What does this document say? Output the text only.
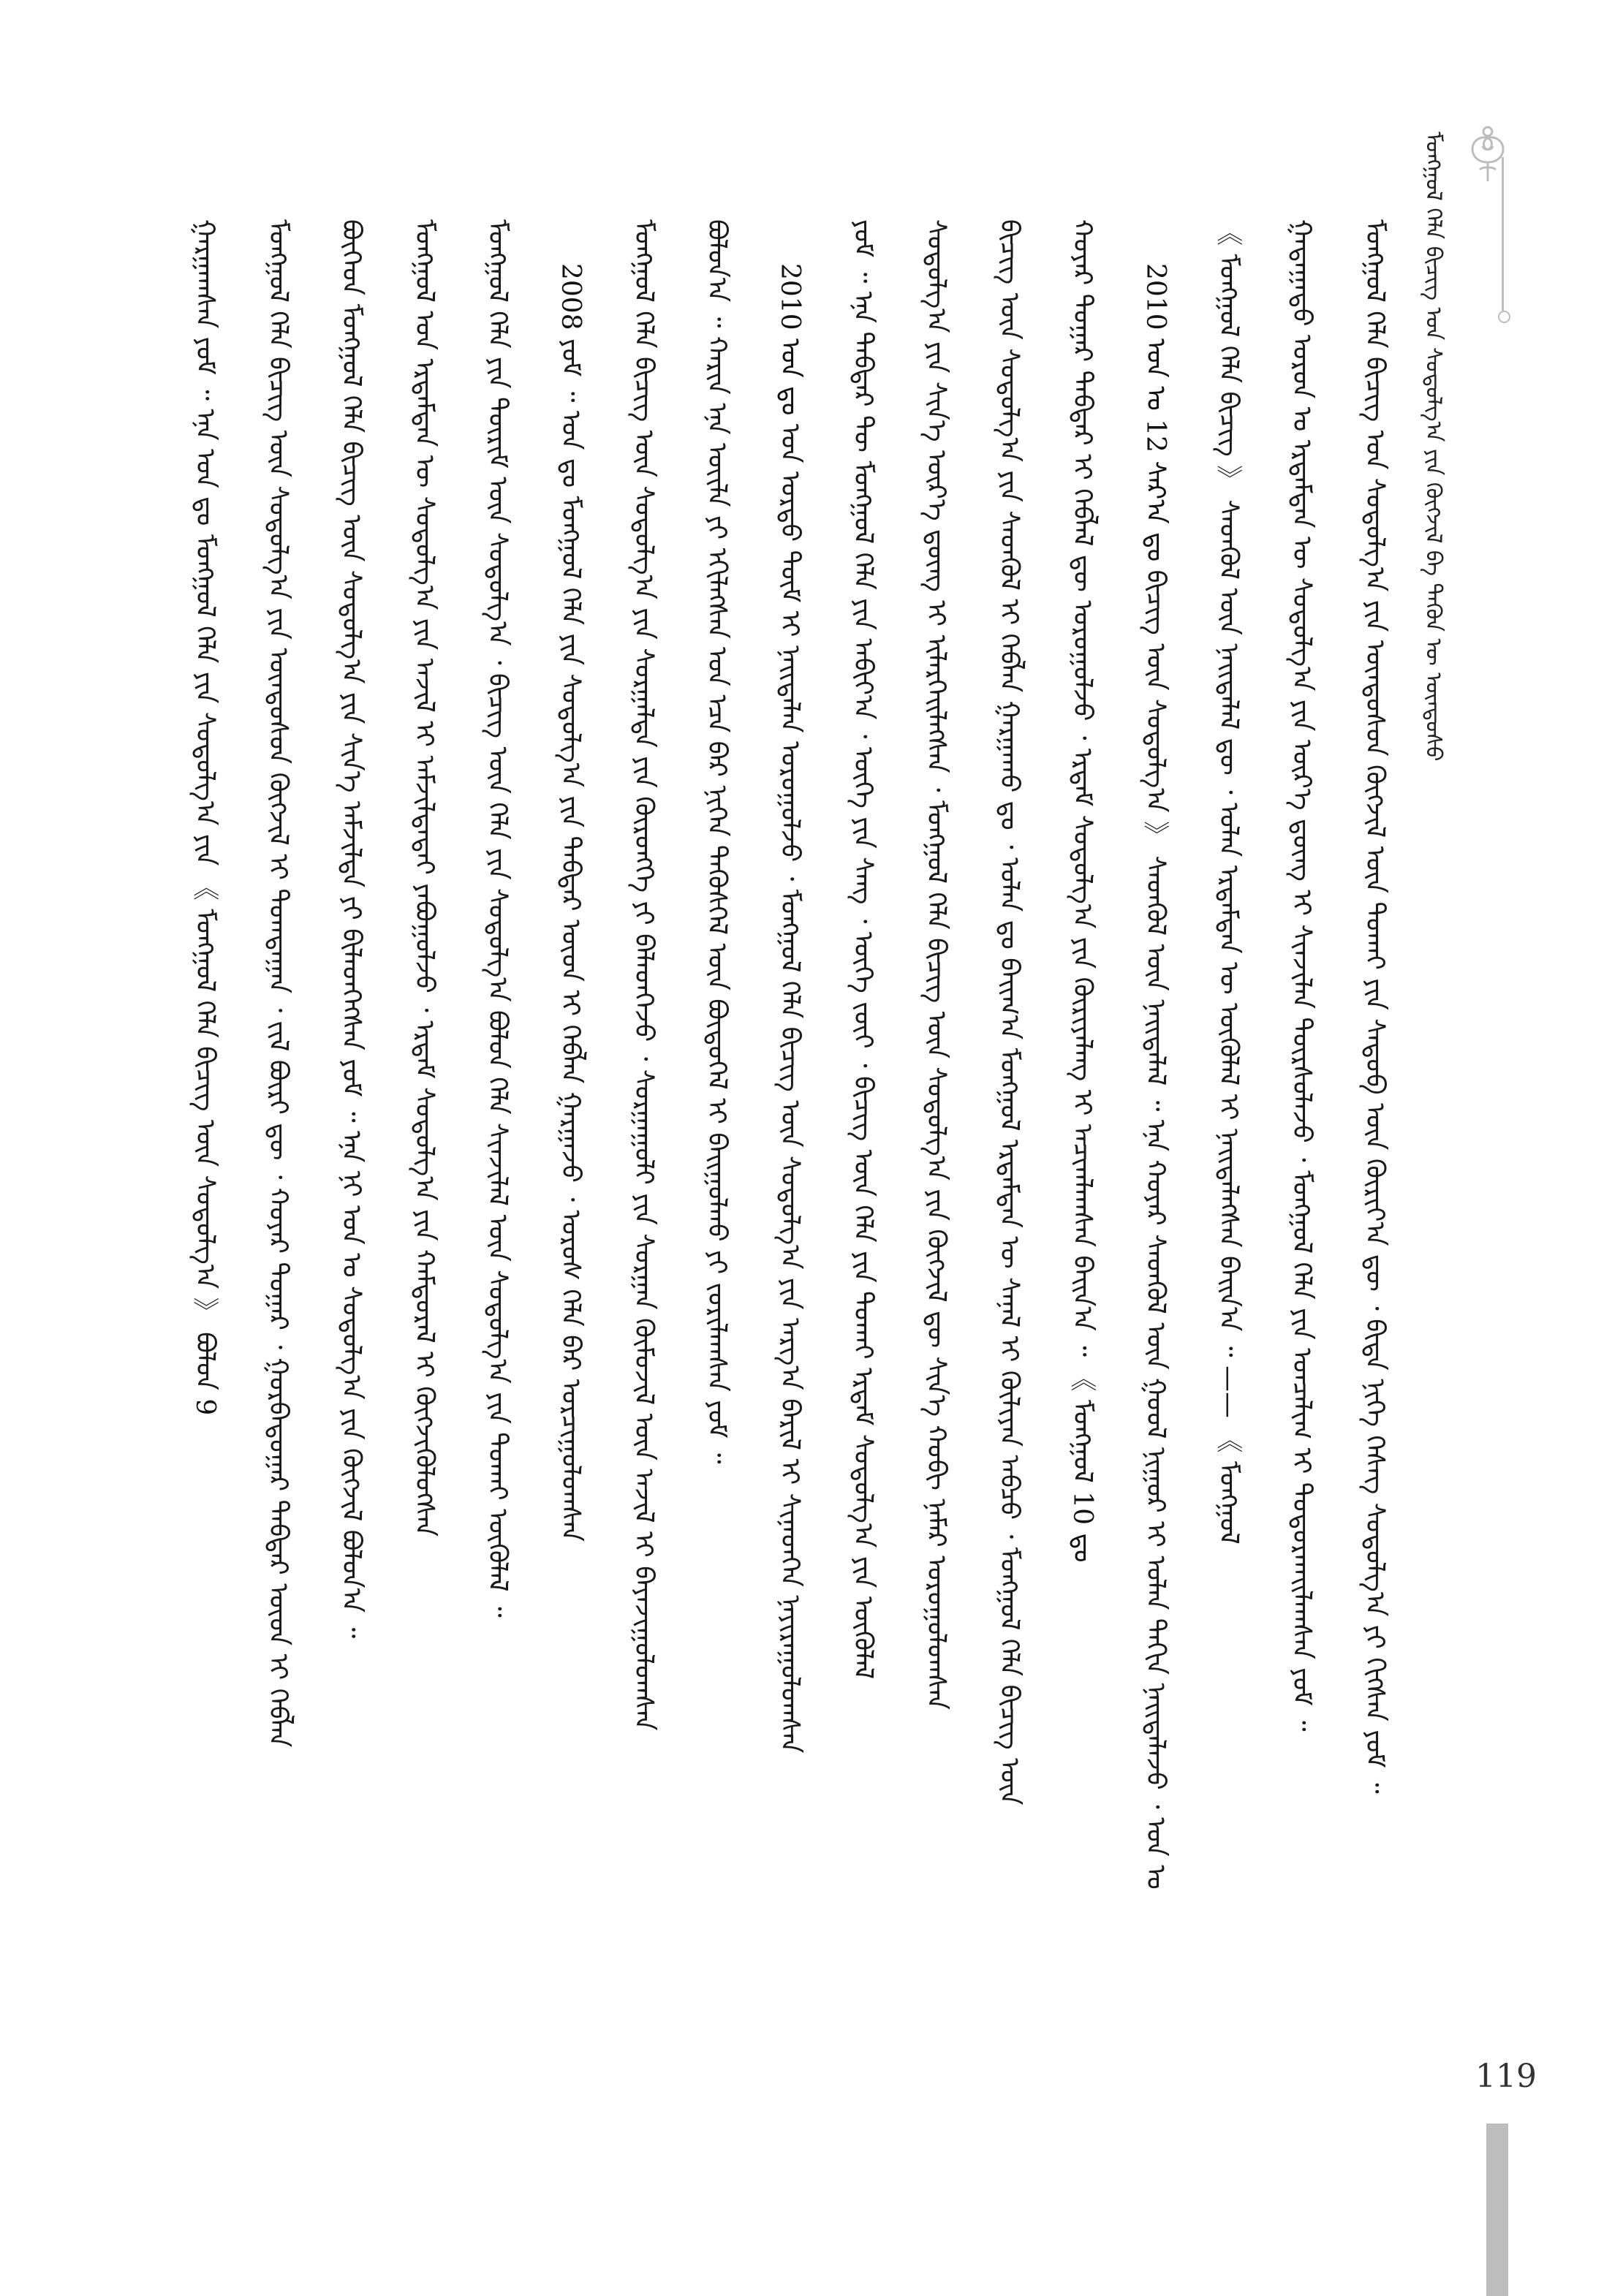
ᠮᠣᠩᠭᠣᠯ ᠬᠡᠯᠡ ᠪᠢᠴᠢᠭ ᠤᠨ ᠰᠤᠳᠤᠯᠭ᠎ᠠ ᠶᠢᠨ ᠬᠥᠭᠵᠢᠯ ᠪᠠ ᠲᠡᠭᠦᠨ ᠦ ᠦᠨᠳᠦᠰᠦ
ᠮᠣᠩᠭᠣᠯ ᠬᠡᠯᠡ ᠪᠢᠴᠢᠭ ᠤᠨ ᠰᠤᠳᠤᠯᠭ᠎ᠠ ᠶᠢᠨ ᠦᠨᠳᠦᠰᠦᠨ ᠬᠥᠭᠵᠢᠯ ᠦᠨ ᠲᠤᠬᠠᠢ ᠶᠢᠨ ᠰᠡᠳᠦᠪ ᠦᠨ ᠬᠦᠷᠢᠶ᠎ᠡᠨ ᠳᠦ ᠂ ᠪᠢᠳᠡ ᠨᠢᠭᠡ ᠬᠡᠰᠡᠭ ᠰᠤᠳᠤᠯᠭ᠎ᠠ ᠶᠢ ᠬᠢᠭᠰᠡᠨ ᠶᠤᠮ ᠃
ᠭᠠᠳᠠᠭᠠᠳᠤ ᠣᠷᠣᠨ ᠤ ᠡᠷᠳᠡᠮᠲᠡᠨ ᠦ ᠰᠤᠳᠤᠯᠭ᠎ᠠ ᠶᠢᠨ ᠦᠷ᠎ᠡ ᠳ᠋ᠦᠩ ᠢ ᠰᠢᠨᠵᠢᠯᠡᠨ ᠳᠦᠷᠰᠦᠯᠡᠵᠦ ᠂ ᠮᠣᠩᠭᠣᠯ ᠬᠡᠯᠡ ᠶᠢᠨ ᠣᠨᠴᠠᠯᠢᠭ ᠢ ᠲᠣᠳᠣᠷᠬᠠᠢᠯᠠᠭᠰᠠᠨ ᠶᠤᠮ ᠃
《 ᠮᠣᠩᠭᠣᠯ ᠬᠡᠯᠡ ᠪᠢᠴᠢᠭ 》 ᠰᠡᠳᠬᠦᠯ ᠦᠨ ᠨᠡᠢᠲᠡᠯᠡᠯ ᠳᠦ ᠂ ᠣᠯᠠᠨ ᠡᠷᠳᠡᠮᠲᠡᠨ ᠦ ᠥᠭᠦᠯᠡᠯ ᠢ ᠨᠡᠢᠲᠡᠯᠡᠭᠰᠡᠨ ᠪᠠᠢᠨ᠎ᠠ ᠃ —— 《 ᠮᠣᠩᠭᠣᠯ
2010 ᠣᠨ ᠤ 12 ᠰᠠᠷ᠎ᠠ ᠳᠤ ᠪᠢᠴᠢᠭ ᠦᠨ ᠰᠤᠳᠤᠯᠭ᠎ᠠ 》 ᠰᠡᠳᠬᠦᠯ ᠦᠨ ᠨᠡᠢᠲᠡᠯᠡᠯ ᠃ ᠡᠨᠡ ᠬᠣᠶᠠᠷ ᠰᠡᠳᠬᠦᠯ ᠦᠨ ᠭᠣᠣᠯ ᠨᠢᠭᠤᠷ ᠢ ᠣᠯᠠᠨ ᠳᠠᠬᠢᠨ ᠨᠡᠢᠲᠡᠯᠡᠵᠦ ᠂ ᠣᠨ ᠤ
ᠬᠣᠶᠠᠷ ᠳᠤᠭᠠᠷ ᠳᠡᠪᠲᠡᠷ ᠢ ᠬᠡᠪᠯᠡᠯ ᠳᠦ ᠣᠷᠣᠭᠤᠯᠵᠤ ᠂ ᠡᠷᠳᠡᠮ ᠰᠤᠳᠤᠯᠭ᠎ᠠ ᠶᠢᠨ ᠬᠦᠷᠢᠶᠡᠯᠡᠩ ᠢ ᠠᠴᠢᠭᠯᠠᠭᠰᠠᠨ ᠪᠠᠢᠨ᠎ᠠ ᠃ 《 ᠮᠣᠩᠭᠣᠯ 10 ᠳᠤ
ᠪᠢᠴᠢᠭ ᠦᠨ ᠰᠤᠳᠤᠯᠭ᠎ᠠ ᠶᠢᠨ ᠰᠡᠳᠬᠦᠯ ᠢ ᠬᠡᠪᠯᠡᠨ ᠭᠠᠷᠭᠠᠬᠤ ᠳᠤ ᠂ ᠣᠯᠠᠨ ᠳᠤ ᠪᠠᠢᠭ᠎ᠠ ᠮᠣᠩᠭᠣᠯ ᠡᠷᠳᠡᠮᠲᠡᠨ ᠦ ᠰᠠᠨᠠᠯ ᠢ ᠬᠦᠯᠢᠶᠡᠨ ᠠᠪᠴᠤ ᠂ ᠮᠣᠩᠭᠣᠯ ᠬᠡᠯᠡ ᠪᠢᠴᠢᠭ ᠦᠨ
ᠰᠤᠳᠤᠯᠭ᠎ᠠ ᠶᠢᠨ ᠰᠢᠨ᠎ᠡ ᠦᠷ᠎ᠡ ᠳ᠋ᠦᠩ ᠢ ᠢᠯᠡᠷᠬᠡᠢᠯᠡᠭᠰᠡᠨ ᠂ ᠮᠣᠩᠭᠣᠯ ᠬᠡᠯᠡ ᠪᠢᠴᠢᠭ ᠦᠨ ᠰᠤᠳᠤᠯᠭ᠎ᠠ ᠶᠢᠨ ᠬᠥᠭᠵᠢᠯ ᠳᠦ ᠰᠢᠨ᠎ᠡ ᠬᠤᠪᠢ ᠨᠡᠮᠡᠷ ᠣᠷᠣᠭᠤᠯᠤᠭᠰᠠᠨ
ᠶᠤᠮ ᠃ ᠡᠨᠡ ᠳᠡᠪᠲᠡᠷ ᠲᠦ ᠮᠣᠩᠭᠣᠯ ᠬᠡᠯᠡ ᠶᠢᠨ ᠠᠪᠢᠶ᠎ᠠ ᠂ ᠦᠭᠡ ᠶᠢᠨ ᠰᠠᠩ ᠂ ᠦᠭᠡ ᠵᠦᠢ ᠂ ᠪᠢᠴᠢᠭ ᠦᠨ ᠬᠡᠯᠡ ᠶᠢᠨ ᠲᠤᠬᠠᠢ ᠡᠷᠳᠡᠮ ᠰᠤᠳᠤᠯᠭ᠎ᠠ ᠶᠢᠨ ᠥᠭᠦᠯᠡᠯ
2010 ᠣᠨ ᠳᠤ ᠤᠨ ᠤᠷᠲᠤ ᠲᠦᠮ ᠢ ᠨᠡᠢᠲᠡᠯᠡᠨ ᠣᠷᠣᠭᠤᠯᠵᠤ ᠂ ᠮᠣᠩᠭᠣᠯ ᠬᠡᠯᠡ ᠪᠢᠴᠢᠭ ᠦᠨ ᠰᠤᠳᠤᠯᠭ᠎ᠠ ᠶᠢᠨ ᠠᠷᠭ᠎ᠠ ᠪᠠᠷᠢᠯ ᠢ ᠰᠢᠨᠡᠳᠭᠡᠨ ᠨᠠᠶᠢᠷᠠᠭᠤᠯᠤᠭᠰᠠᠨ
ᠪᠣᠯᠤᠨ᠎ᠠ ᠃ ᠬᠠᠷᠢᠨ ᠡᠨᠡ ᠦᠢᠯᠡ ᠶᠢ ᠡᠬᠢᠯᠡᠭᠰᠡᠨ ᠣᠨ ᠡᠴᠡ ᠪᠡᠷ ᠨᠢᠭᠡᠨ ᠲᠡᠭᠦᠰᠬᠡᠯ ᠦᠨ ᠪᠦᠲᠦᠭᠡᠯ ᠢ ᠪᠠᠢᠭᠤᠯᠬᠤ ᠶᠢ ᠵᠣᠷᠢᠯᠠᠭᠰᠠᠨ ᠶᠤᠮ ᠃
ᠮᠣᠩᠭᠣᠯ ᠬᠡᠯᠡ ᠪᠢᠴᠢᠭ ᠦᠨ ᠰᠤᠳᠤᠯᠭ᠎ᠠ ᠶᠢᠨ ᠰᠤᠷᠭᠠᠯᠲᠠ ᠶᠢᠨ ᠬᠥᠷᠥᠩᠭᠡ ᠶᠢ ᠪᠡᠯᠡᠳᠬᠡᠵᠦ ᠂ ᠰᠤᠷᠭᠠᠭᠤᠯᠢ ᠶᠢᠨ ᠰᠤᠷᠭᠠᠨ ᠬᠦᠮᠦᠵᠢᠯ ᠦᠨ ᠠᠵᠢᠯ ᠢ ᠪᠠᠶᠠᠵᠢᠭᠤᠯᠤᠭᠰᠠᠨ
2008 ᠶᠤᠮ ᠃ ᠣᠨ ᠳᠤ ᠮᠣᠩᠭᠣᠯ ᠬᠡᠯᠡ ᠶᠢᠨ ᠰᠤᠳᠤᠯᠭ᠎ᠠ ᠶᠢᠨ ᠳᠡᠪᠲᠡᠷ ᠦᠳ ᠢ ᠬᠡᠪᠯᠡᠨ ᠭᠠᠷᠭᠠᠵᠤ ᠂ ᠤᠷᠤᠰ ᠬᠡᠯᠡ ᠪᠡᠷ ᠣᠷᠴᠢᠭᠤᠯᠤᠭᠰᠠᠨ
ᠮᠣᠩᠭᠣᠯ ᠬᠡᠯᠡ ᠶᠢᠨ ᠳᠦᠷᠢᠮ ᠦᠨ ᠰᠤᠳᠤᠯᠭ᠎ᠠ ᠂ ᠪᠢᠴᠢᠭ ᠦᠨ ᠬᠡᠯᠡ ᠶᠢᠨ ᠰᠤᠳᠤᠯᠭ᠎ᠠ ᠪᠣᠯᠤᠨ ᠬᠡᠯᠡ ᠰᠢᠨᠵᠢᠯᠡᠯ ᠦᠨ ᠰᠤᠳᠤᠯᠭ᠎ᠠ ᠶᠢᠨ ᠲᠤᠬᠠᠢ ᠥᠭᠦᠯᠡᠯ ᠃
ᠮᠣᠩᠭᠣᠯ ᠤᠨ ᠡᠷᠳᠡᠮᠲᠡᠨ ᠦ ᠰᠤᠳᠤᠯᠭ᠎ᠠ ᠶᠢᠨ ᠠᠵᠢᠯ ᠢ ᠠᠮᠵᠢᠯᠲᠠᠲᠠᠢ ᠶᠠᠪᠤᠭᠤᠯᠵᠤ ᠂ ᠡᠷᠳᠡᠮ ᠰᠤᠳᠤᠯᠭ᠎ᠠ ᠶᠢᠨ ᠬᠠᠮᠲᠤᠷᠠᠯ ᠢ ᠬᠥᠭᠵᠢᠭᠦᠯᠦᠭᠰᠡᠨ
ᠪᠥᠭᠡᠳ ᠮᠣᠩᠭᠣᠯ ᠬᠡᠯᠡ ᠪᠢᠴᠢᠭ ᠦᠨ ᠰᠤᠳᠤᠯᠭ᠎ᠠ ᠶᠢᠨ ᠰᠢᠨ᠎ᠡ ᠠᠮᠵᠢᠯᠲᠠ ᠶᠢ ᠪᠢᠯᠡᠳᠬᠡᠭᠰᠡᠨ ᠶᠤᠮ ᠃ ᠡᠨᠡ ᠨᠢ ᠣᠨ ᠤ ᠰᠤᠳᠤᠯᠭ᠎ᠠ ᠶᠢᠨ ᠬᠥᠭᠵᠢᠯ ᠪᠣᠯᠤᠨ᠎ᠠ ᠃
ᠮᠣᠩᠭᠣᠯ ᠬᠡᠯᠡ ᠪᠢᠴᠢᠭ ᠦᠨ ᠰᠤᠳᠤᠯᠭ᠎ᠠ ᠶᠢᠨ ᠦᠨᠳᠦᠰᠦᠨ ᠬᠥᠭᠵᠢᠯ ᠢ ᠲᠣᠭᠲᠠᠭᠠᠨ ᠂ ᠵᠢᠯ ᠪᠦᠷᠢ ᠳᠦ ᠂ ᠬᠣᠶᠠᠷ ᠳᠤᠭᠠᠷ ᠂ ᠭᠤᠷᠪᠠᠳᠤᠭᠠᠷ ᠳᠡᠪᠲᠡᠷ ᠦᠳ ᠢ ᠬᠡᠪᠯᠡᠨ
ᠭᠠᠷᠭᠠᠭᠰᠠᠨ ᠶᠤᠮ ᠃ ᠡᠨᠡ ᠣᠨ ᠳᠤ ᠮᠣᠩᠭᠣᠯ ᠬᠡᠯᠡ ᠶᠢᠨ ᠰᠤᠳᠤᠯᠭ᠎ᠠ ᠶᠢᠨ 《 ᠮᠣᠩᠭᠣᠯ ᠬᠡᠯᠡ ᠪᠢᠴᠢᠭ ᠦᠨ ᠰᠤᠳᠤᠯᠭ᠎ᠠ 》 ᠪᠣᠯᠤᠨ 9
119
